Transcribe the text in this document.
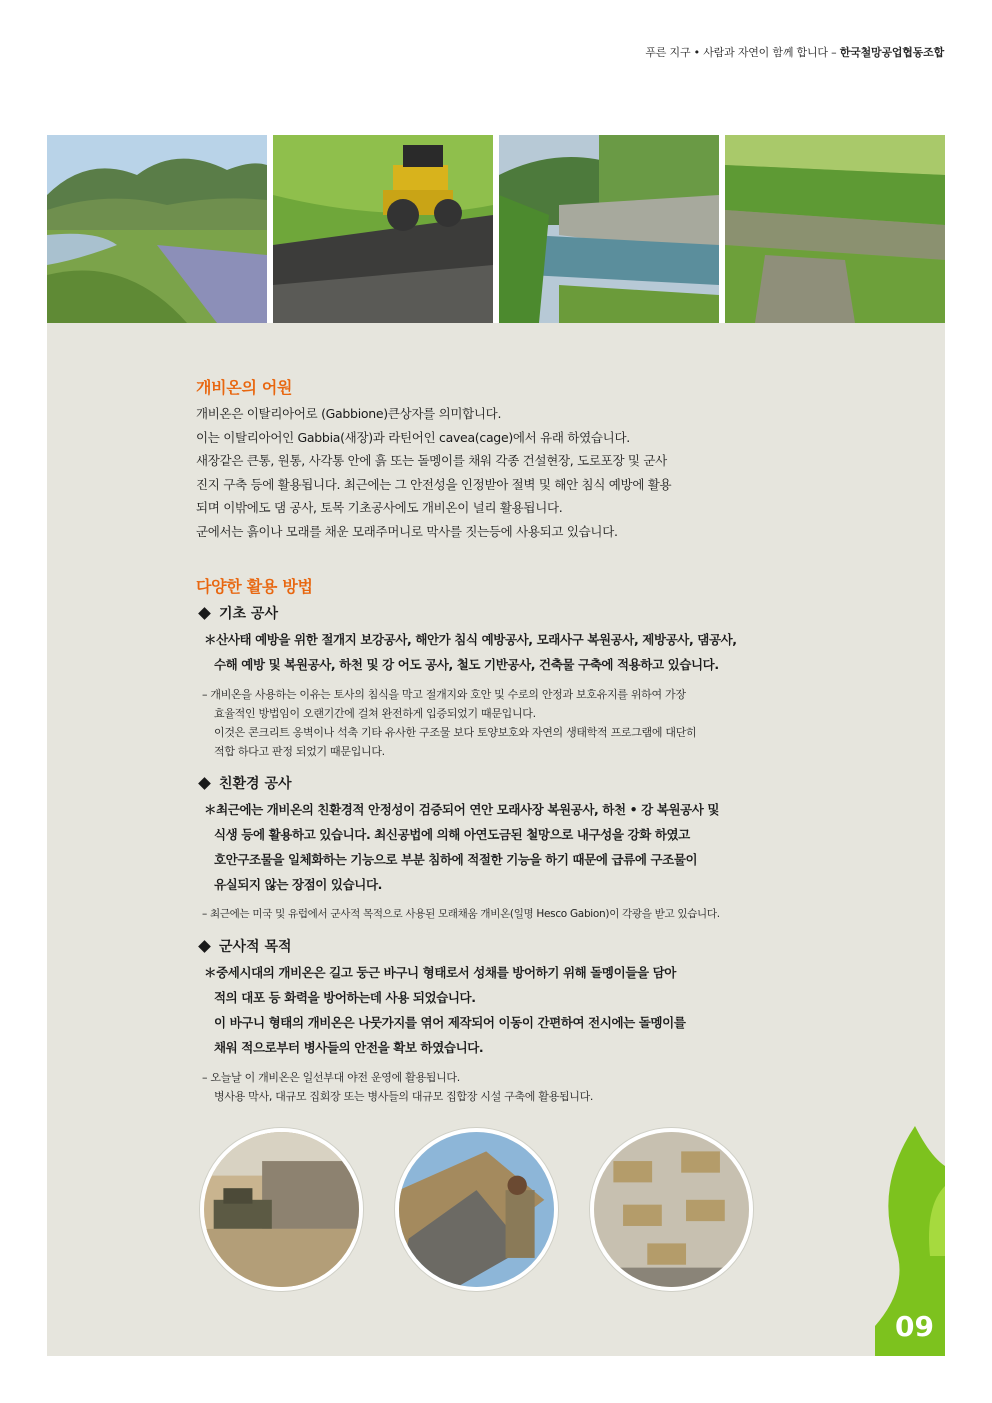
푸른 지구 • 사람과 자연이 함께 합니다 – 한국철망공업협동조합
개비온의 어원

개비온은 이탈리아어로 (Gabbione)큰상자를 의미합니다.

이는 이탈리아어인 Gabbia(새장)과 라틴어인 cavea(cage)에서 유래 하였습니다.

새장같은 큰통, 원통, 사각통 안에 흙 또는 돌멩이를 채워 각종 건설현장, 도로포장 및 군사

진지 구축 등에 활용됩니다. 최근에는 그 안전성을 인정받아 절벽 및 해안 침식 예방에 활용

되며 이밖에도 댐 공사, 토목 기초공사에도 개비온이 널리 활용됩니다.

군에서는 흙이나 모래를 채운 모래주머니로 막사를 짓는등에 사용되고 있습니다.

다양한 활용 방법
기초 공사
＊산사태 예방을 위한 절개지 보강공사, 해안가 침식 예방공사, 모래사구 복원공사, 제방공사, 댐공사,
수해 예방 및 복원공사, 하천 및 강 어도 공사, 철도 기반공사, 건축물 구축에 적용하고 있습니다.

– 개비온을 사용하는 이유는 토사의 침식을 막고 절개지와 호안 및 수로의 안정과 보호유지를 위하여 가장

효율적인 방법임이 오랜기간에 걸쳐 완전하게 입증되었기 때문입니다.

이것은 콘크리트 옹벽이나 석축 기타 유사한 구조물 보다 토양보호와 자연의 생태학적 프로그램에 대단히

적합 하다고 판정 되었기 때문입니다.

친환경 공사
＊최근에는 개비온의 친환경적 안정성이 검증되어 연안 모래사장 복원공사, 하천 • 강 복원공사 및
식생 등에 활용하고 있습니다. 최신공법에 의해 아연도금된 철망으로 내구성을 강화 하였고
호안구조물을 일체화하는 기능으로 부분 침하에 적절한 기능을 하기 때문에 급류에 구조물이
유실되지 않는 장점이 있습니다.

– 최근에는 미국 및 유럽에서 군사적 목적으로 사용된 모래채움 개비온(일명 Hesco Gabion)이 각광을 받고 있습니다.

군사적 목적
＊중세시대의 개비온은 길고 둥근 바구니 형태로서 성채를 방어하기 위해 돌멩이들을 담아
적의 대포 등 화력을 방어하는데 사용 되었습니다.
이 바구니 형태의 개비온은 나뭇가지를 엮어 제작되어 이동이 간편하여 전시에는 돌멩이를
채워 적으로부터 병사들의 안전을 확보 하였습니다.

– 오늘날 이 개비온은 일선부대 야전 운영에 활용됩니다.

병사용 막사, 대규모 집회장 또는 병사들의 대규모 집합장 시설 구축에 활용됩니다.

09
